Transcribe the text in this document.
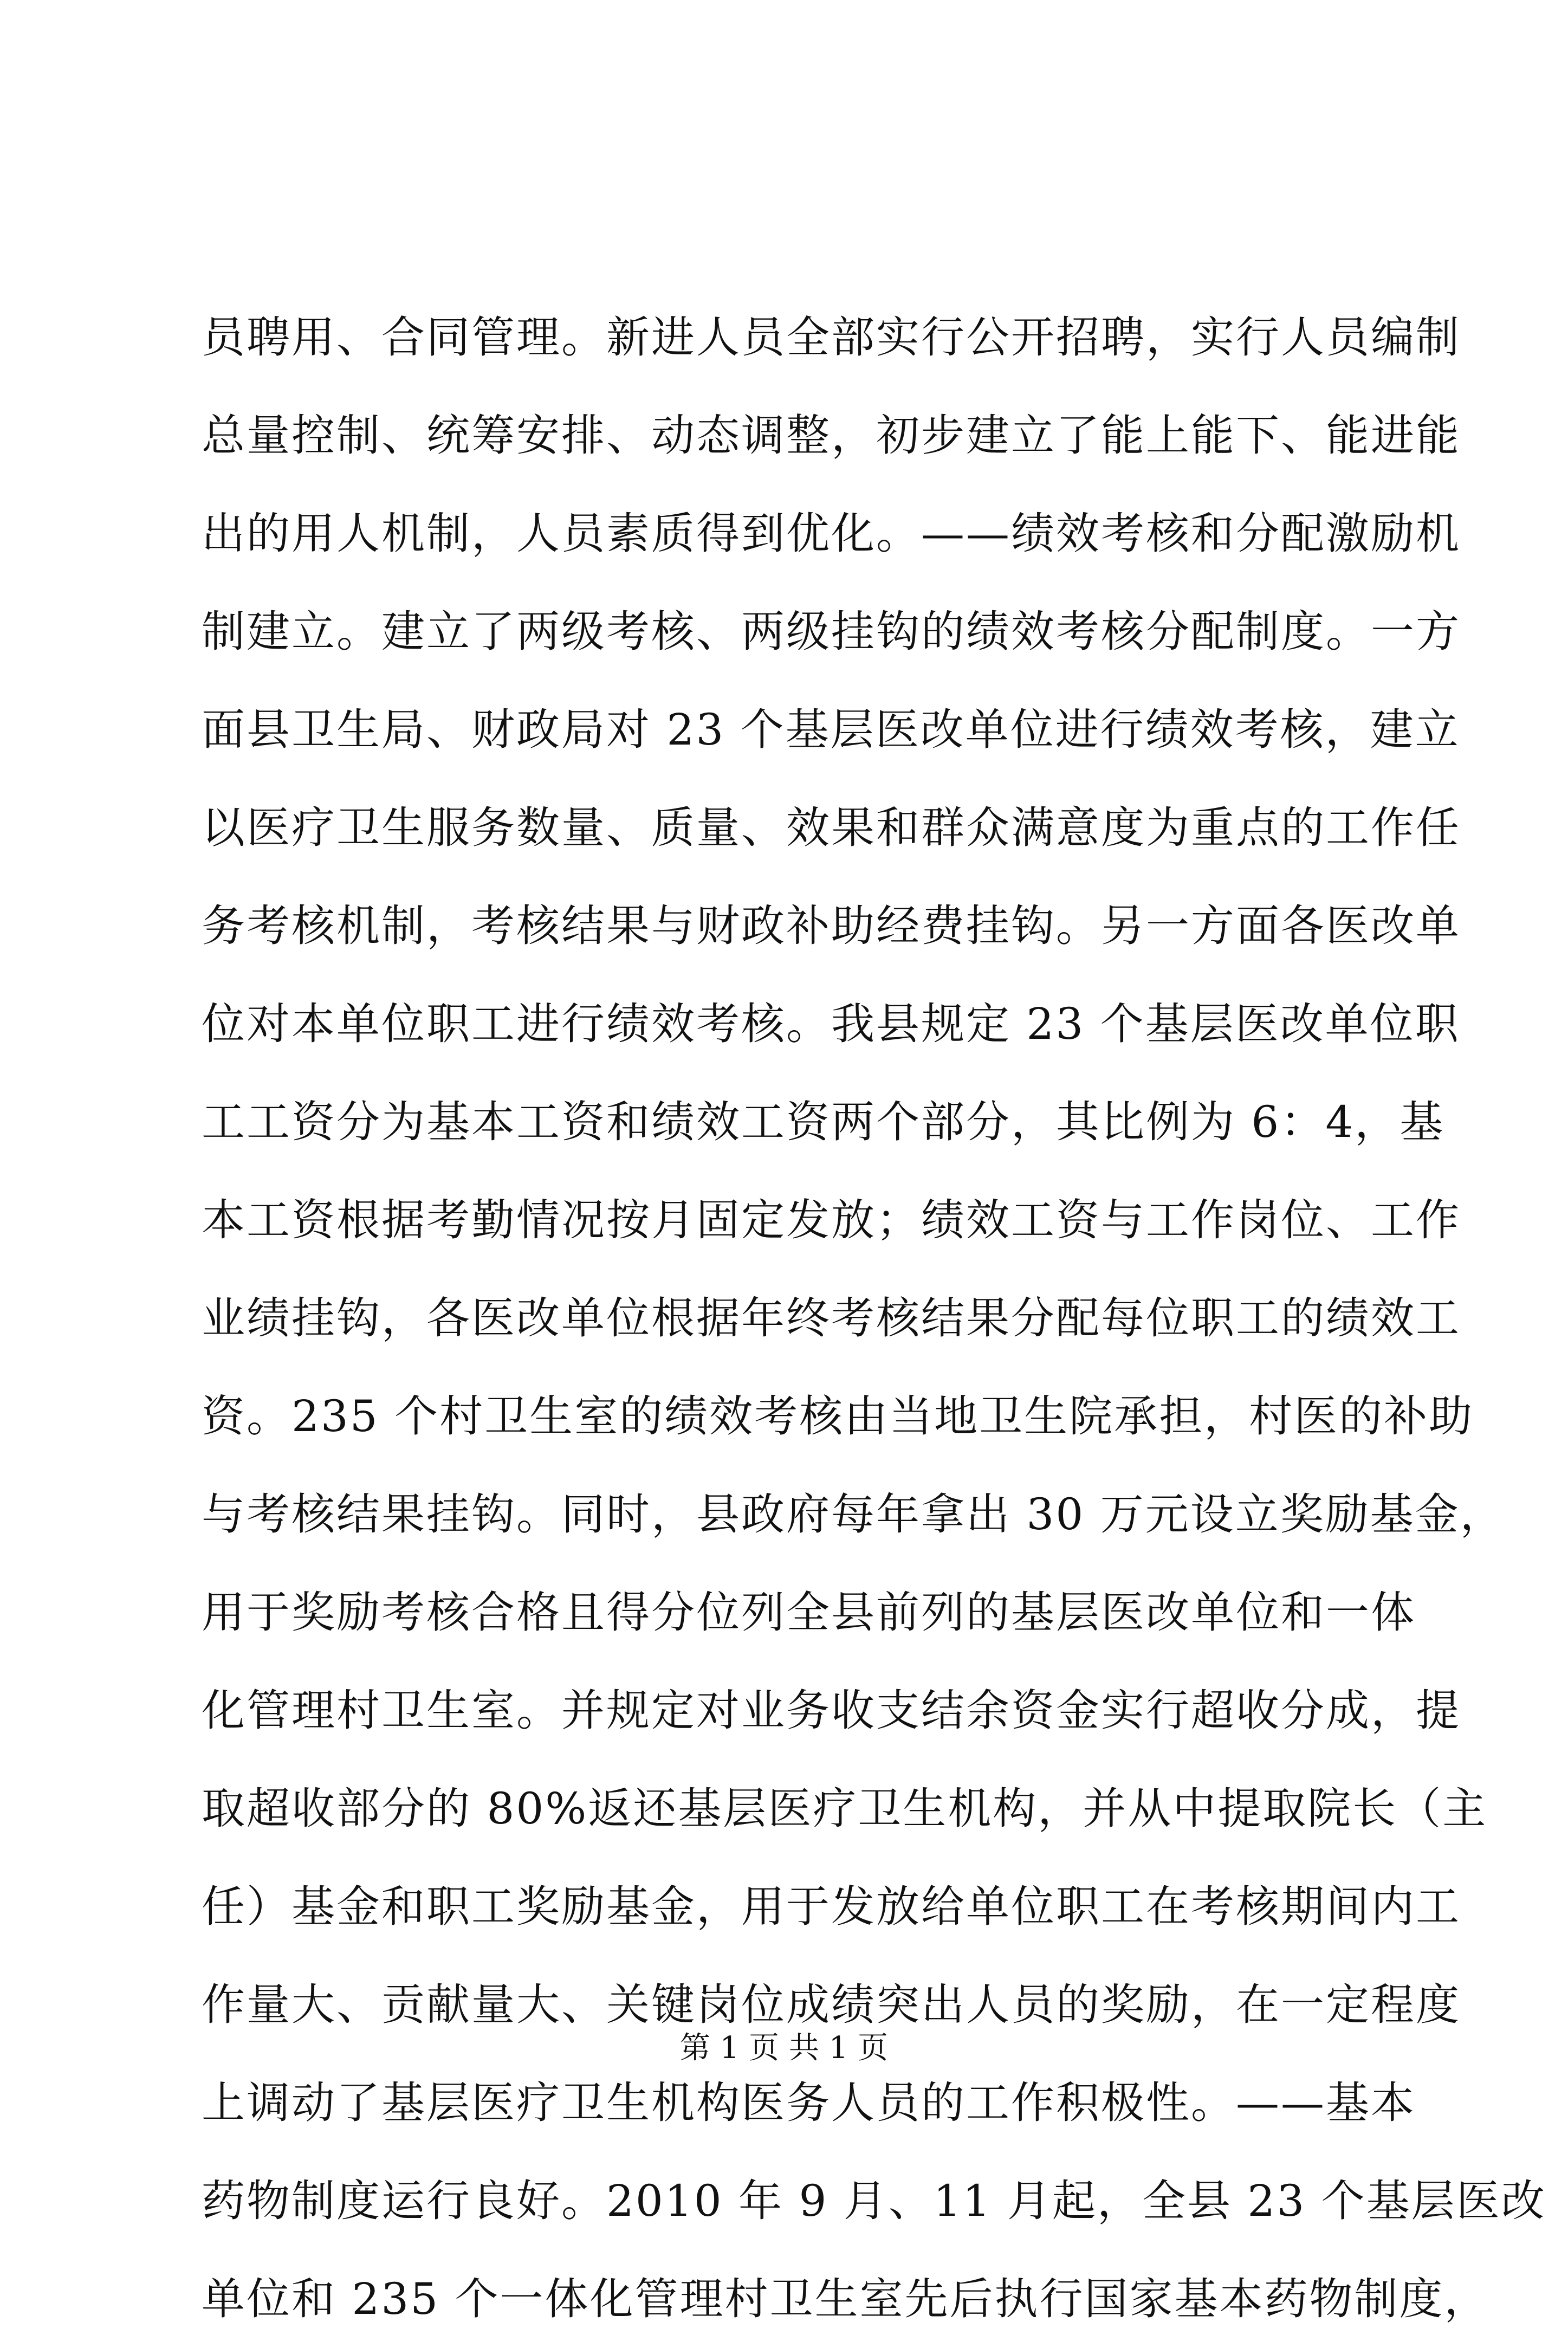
员聘用、合同管理。新进人员全部实行公开招聘，实行人员编制
总量控制、统筹安排、动态调整，初步建立了能上能下、能进能
出的用人机制，人员素质得到优化。——绩效考核和分配激励机
制建立。建立了两级考核、两级挂钩的绩效考核分配制度。一方
面县卫生局、财政局对 23 个基层医改单位进行绩效考核，建立
以医疗卫生服务数量、质量、效果和群众满意度为重点的工作任
务考核机制，考核结果与财政补助经费挂钩。另一方面各医改单
位对本单位职工进行绩效考核。我县规定 23 个基层医改单位职
工工资分为基本工资和绩效工资两个部分，其比例为 6：4，基
本工资根据考勤情况按月固定发放；绩效工资与工作岗位、工作
业绩挂钩，各医改单位根据年终考核结果分配每位职工的绩效工
资。235 个村卫生室的绩效考核由当地卫生院承担，村医的补助
与考核结果挂钩。同时，县政府每年拿出 30 万元设立奖励基金，
用于奖励考核合格且得分位列全县前列的基层医改单位和一体
化管理村卫生室。并规定对业务收支结余资金实行超收分成，提
取超收部分的 80%返还基层医疗卫生机构，并从中提取院长（主
任）基金和职工奖励基金，用于发放给单位职工在考核期间内工
作量大、贡献量大、关键岗位成绩突出人员的奖励，在一定程度
上调动了基层医疗卫生机构医务人员的工作积极性。——基本
药物制度运行良好。2010 年 9 月、11 月起，全县 23 个基层医改
单位和 235 个一体化管理村卫生室先后执行国家基本药物制度，
第 1 页 共 1 页
